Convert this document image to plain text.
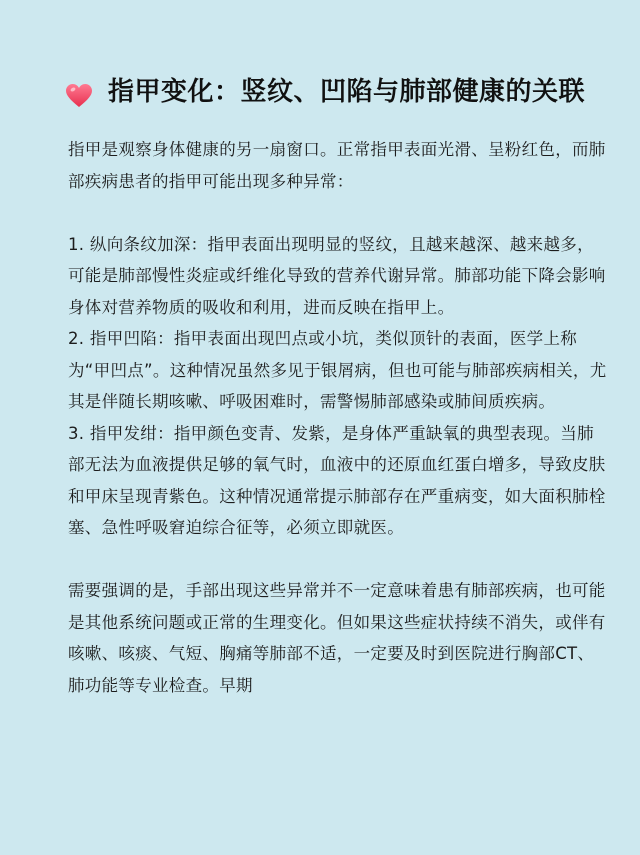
指甲变化：竖纹、凹陷与肺部健康的关联

指甲是观察身体健康的另一扇窗口。正常指甲表面光滑、呈粉红色，而肺部疾病患者的指甲可能出现多种异常：

1. 纵向条纹加深：指甲表面出现明显的竖纹，且越来越深、越来越多，可能是肺部慢性炎症或纤维化导致的营养代谢异常。肺部功能下降会影响身体对营养物质的吸收和利用，进而反映在指甲上。

2. 指甲凹陷：指甲表面出现凹点或小坑，类似顶针的表面，医学上称为“甲凹点”。这种情况虽然多见于银屑病，但也可能与肺部疾病相关，尤其是伴随长期咳嗽、呼吸困难时，需警惕肺部感染或肺间质疾病。

3. 指甲发绀：指甲颜色变青、发紫，是身体严重缺氧的典型表现。当肺部无法为血液提供足够的氧气时，血液中的还原血红蛋白增多，导致皮肤和甲床呈现青紫色。这种情况通常提示肺部存在严重病变，如大面积肺栓塞、急性呼吸窘迫综合征等，必须立即就医。

需要强调的是，手部出现这些异常并不一定意味着患有肺部疾病，也可能是其他系统问题或正常的生理变化。但如果这些症状持续不消失，或伴有咳嗽、咳痰、气短、胸痛等肺部不适，一定要及时到医院进行胸部CT、肺功能等专业检查。早期
